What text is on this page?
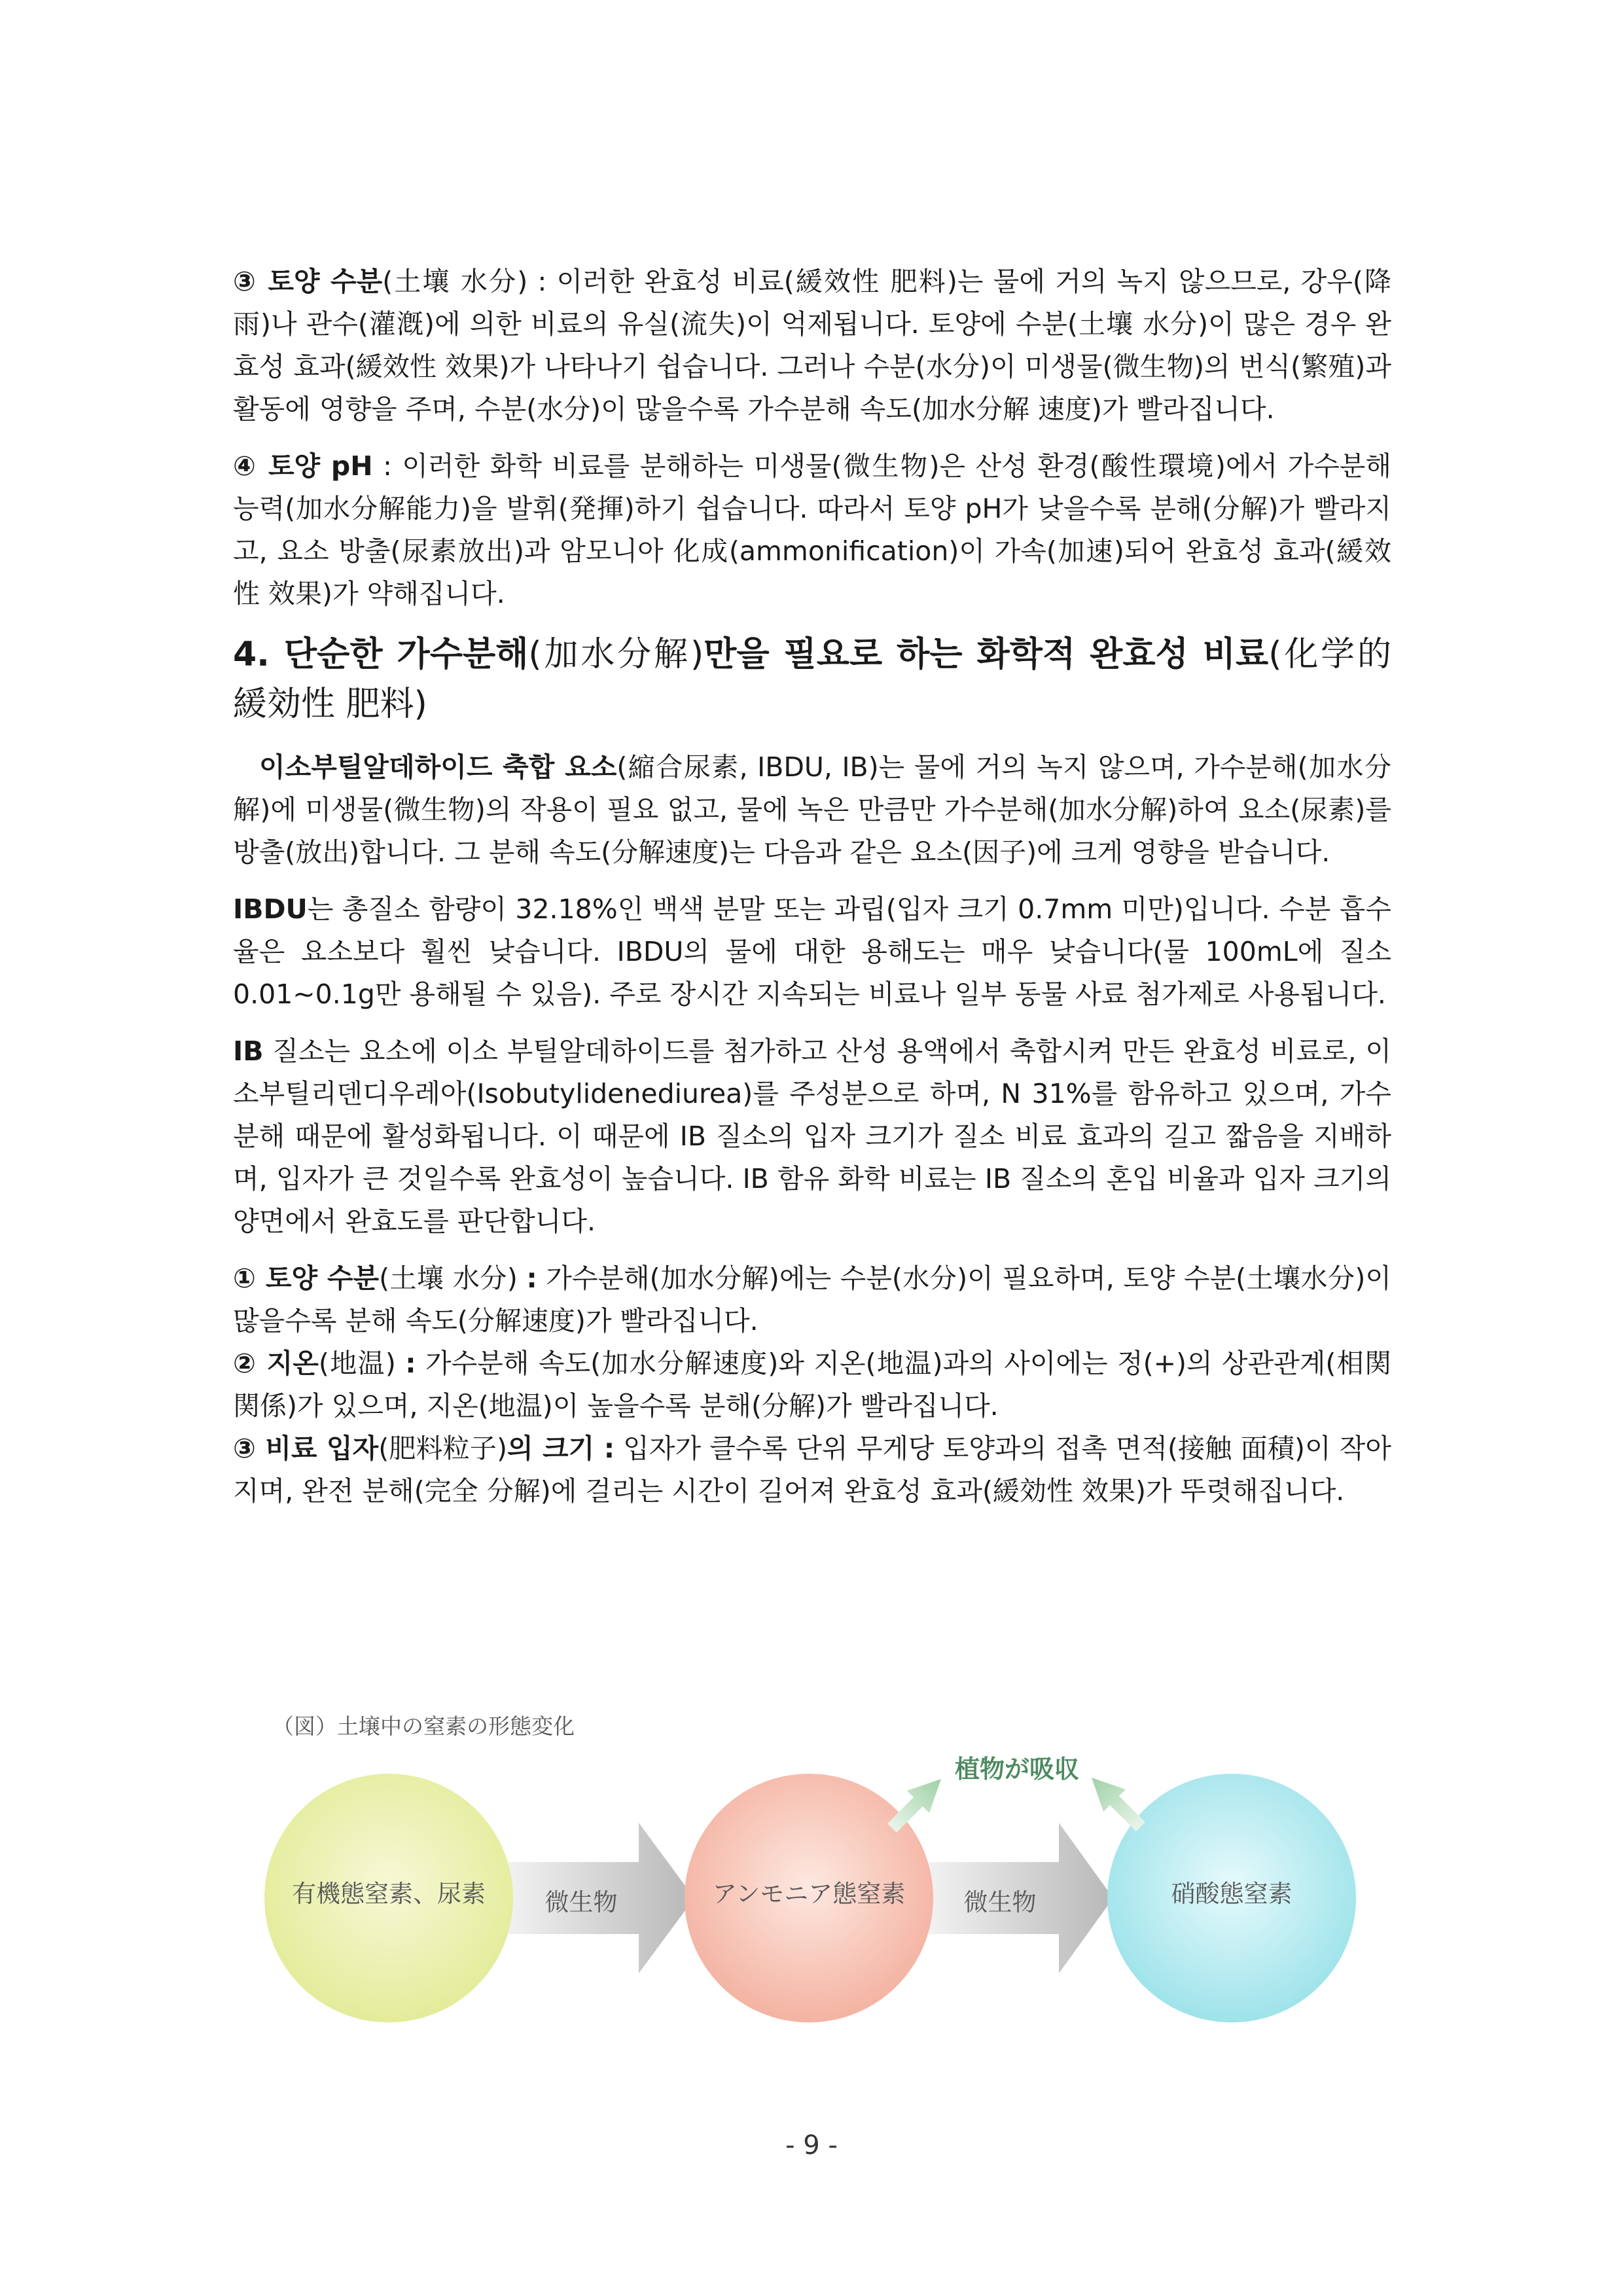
③ 토양 수분(土壤 水分) : 이러한 완효성 비료(緩效性 肥料)는 물에 거의 녹지 않으므로, 강우(降雨)나 관수(灌漑)에 의한 비료의 유실(流失)이 억제됩니다. 토양에 수분(土壤 水分)이 많은 경우 완효성 효과(緩效性 效果)가 나타나기 쉽습니다. 그러나 수분(水分)이 미생물(微生物)의 번식(繁殖)과 활동에 영향을 주며, 수분(水分)이 많을수록 가수분해 속도(加水分解 速度)가 빨라집니다.

④ 토양 pH : 이러한 화학 비료를 분해하는 미생물(微生物)은 산성 환경(酸性環境)에서 가수분해 능력(加水分解能力)을 발휘(発揮)하기 쉽습니다. 따라서 토양 pH가 낮을수록 분해(分解)가 빨라지고, 요소 방출(尿素放出)과 암모니아 化成(ammonification)이 가속(加速)되어 완효성 효과(緩效性 效果)가 약해집니다.

4. 단순한 가수분해(加水分解)만을 필요로 하는 화학적 완효성 비료(化学的 緩効性 肥料)

이소부틸알데하이드 축합 요소(縮合尿素, IBDU, IB)는 물에 거의 녹지 않으며, 가수분해(加水分解)에 미생물(微生物)의 작용이 필요 없고, 물에 녹은 만큼만 가수분해(加水分解)하여 요소(尿素)를 방출(放出)합니다. 그 분해 속도(分解速度)는 다음과 같은 요소(因子)에 크게 영향을 받습니다.

IBDU는 총질소 함량이 32.18%인 백색 분말 또는 과립(입자 크기 0.7mm 미만)입니다. 수분 흡수율은 요소보다 훨씬 낮습니다. IBDU의 물에 대한 용해도는 매우 낮습니다(물 100mL에 질소 0.01~0.1g만 용해될 수 있음). 주로 장시간 지속되는 비료나 일부 동물 사료 첨가제로 사용됩니다.

IB 질소는 요소에 이소 부틸알데하이드를 첨가하고 산성 용액에서 축합시켜 만든 완효성 비료로, 이소부틸리덴디우레아(Isobutylidenediurea)를 주성분으로 하며, N 31%를 함유하고 있으며, 가수분해 때문에 활성화됩니다. 이 때문에 IB 질소의 입자 크기가 질소 비료 효과의 길고 짧음을 지배하며, 입자가 큰 것일수록 완효성이 높습니다. IB 함유 화학 비료는 IB 질소의 혼입 비율과 입자 크기의 양면에서 완효도를 판단합니다.

① 토양 수분(土壤 水分) : 가수분해(加水分解)에는 수분(水分)이 필요하며, 토양 수분(土壤水分)이 많을수록 분해 속도(分解速度)가 빨라집니다.

② 지온(地温) : 가수분해 속도(加水分解速度)와 지온(地温)과의 사이에는 정(+)의 상관관계(相関 関係)가 있으며, 지온(地温)이 높을수록 분해(分解)가 빨라집니다.

③ 비료 입자(肥料粒子)의 크기 : 입자가 클수록 단위 무게당 토양과의 접촉 면적(接触 面積)이 작아지며, 완전 분해(完全 分解)에 걸리는 시간이 길어져 완효성 효과(緩効性 效果)가 뚜렷해집니다.

（図）土壌中の窒素の形態変化
植物が吸収
有機態窒素、尿素 微生物	アンモニア態窒素 微生物	硝酸態窒素
- 9 -
